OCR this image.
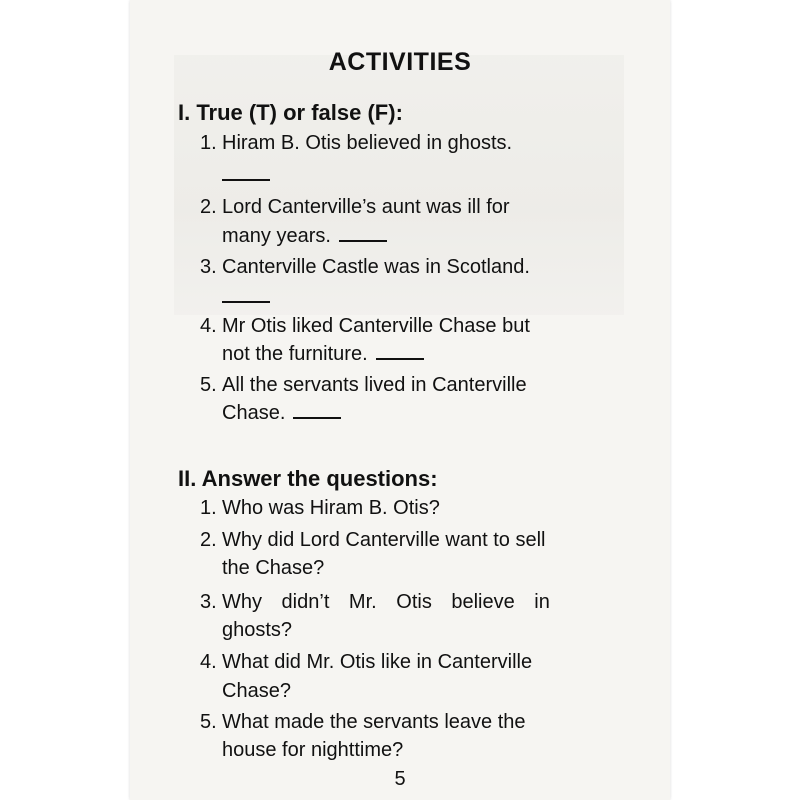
ACTIVITIES
I. True (T) or false (F):
1. Hiram B. Otis believed in ghosts.
2. Lord Canterville’s aunt was ill for
many years.
3. Canterville Castle was in Scotland.
4. Mr Otis liked Canterville Chase but
not the furniture.
5. All the servants lived in Canterville
Chase.
II. Answer the questions:
1. Who was Hiram B. Otis?
2. Why did Lord Canterville want to sell
the Chase?
3. Why didn’t Mr. Otis believe in
ghosts?
4. What did Mr. Otis like in Canterville
Chase?
5. What made the servants leave the
house for nighttime?
5
